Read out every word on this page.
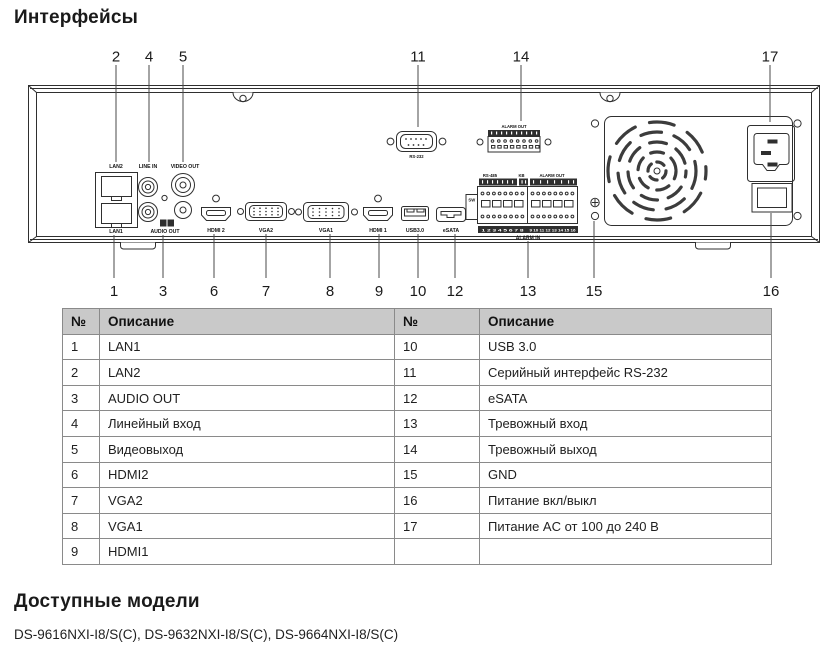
Интерфейсы
LAN2
LAN1
LINE IN	VIDEO OUT
AUDIO OUT	HDMI 2	VGA2	VGA1	HDMI 1	USB3.0	eSATA
RS-232
ALARM OUT
RS-485	KB	ALARM OUT
SW
1 2 3 4 5 6 7 8 9 10 11 12 13 14 15 16
ALARM IN
2 4 5	11	14	17
1	3	6	7	8	9 10 12	13	15	16
№	Описание	№	Описание
1	LAN1	10	USB 3.0
2	LAN2	11	Серийный интерфейс RS-232
3	AUDIO OUT	12	eSATA
4	Линейный вход	13	Тревожный вход
5	Видеовыход	14	Тревожный выход
6	HDMI2	15	GND
7	VGA2	16	Питание вкл/выкл
8	VGA1	17	Питание AC от 100 до 240 В
9	HDMI1		
Доступные модели
DS-9616NXI-I8/S(C), DS-9632NXI-I8/S(C), DS-9664NXI-I8/S(C)
